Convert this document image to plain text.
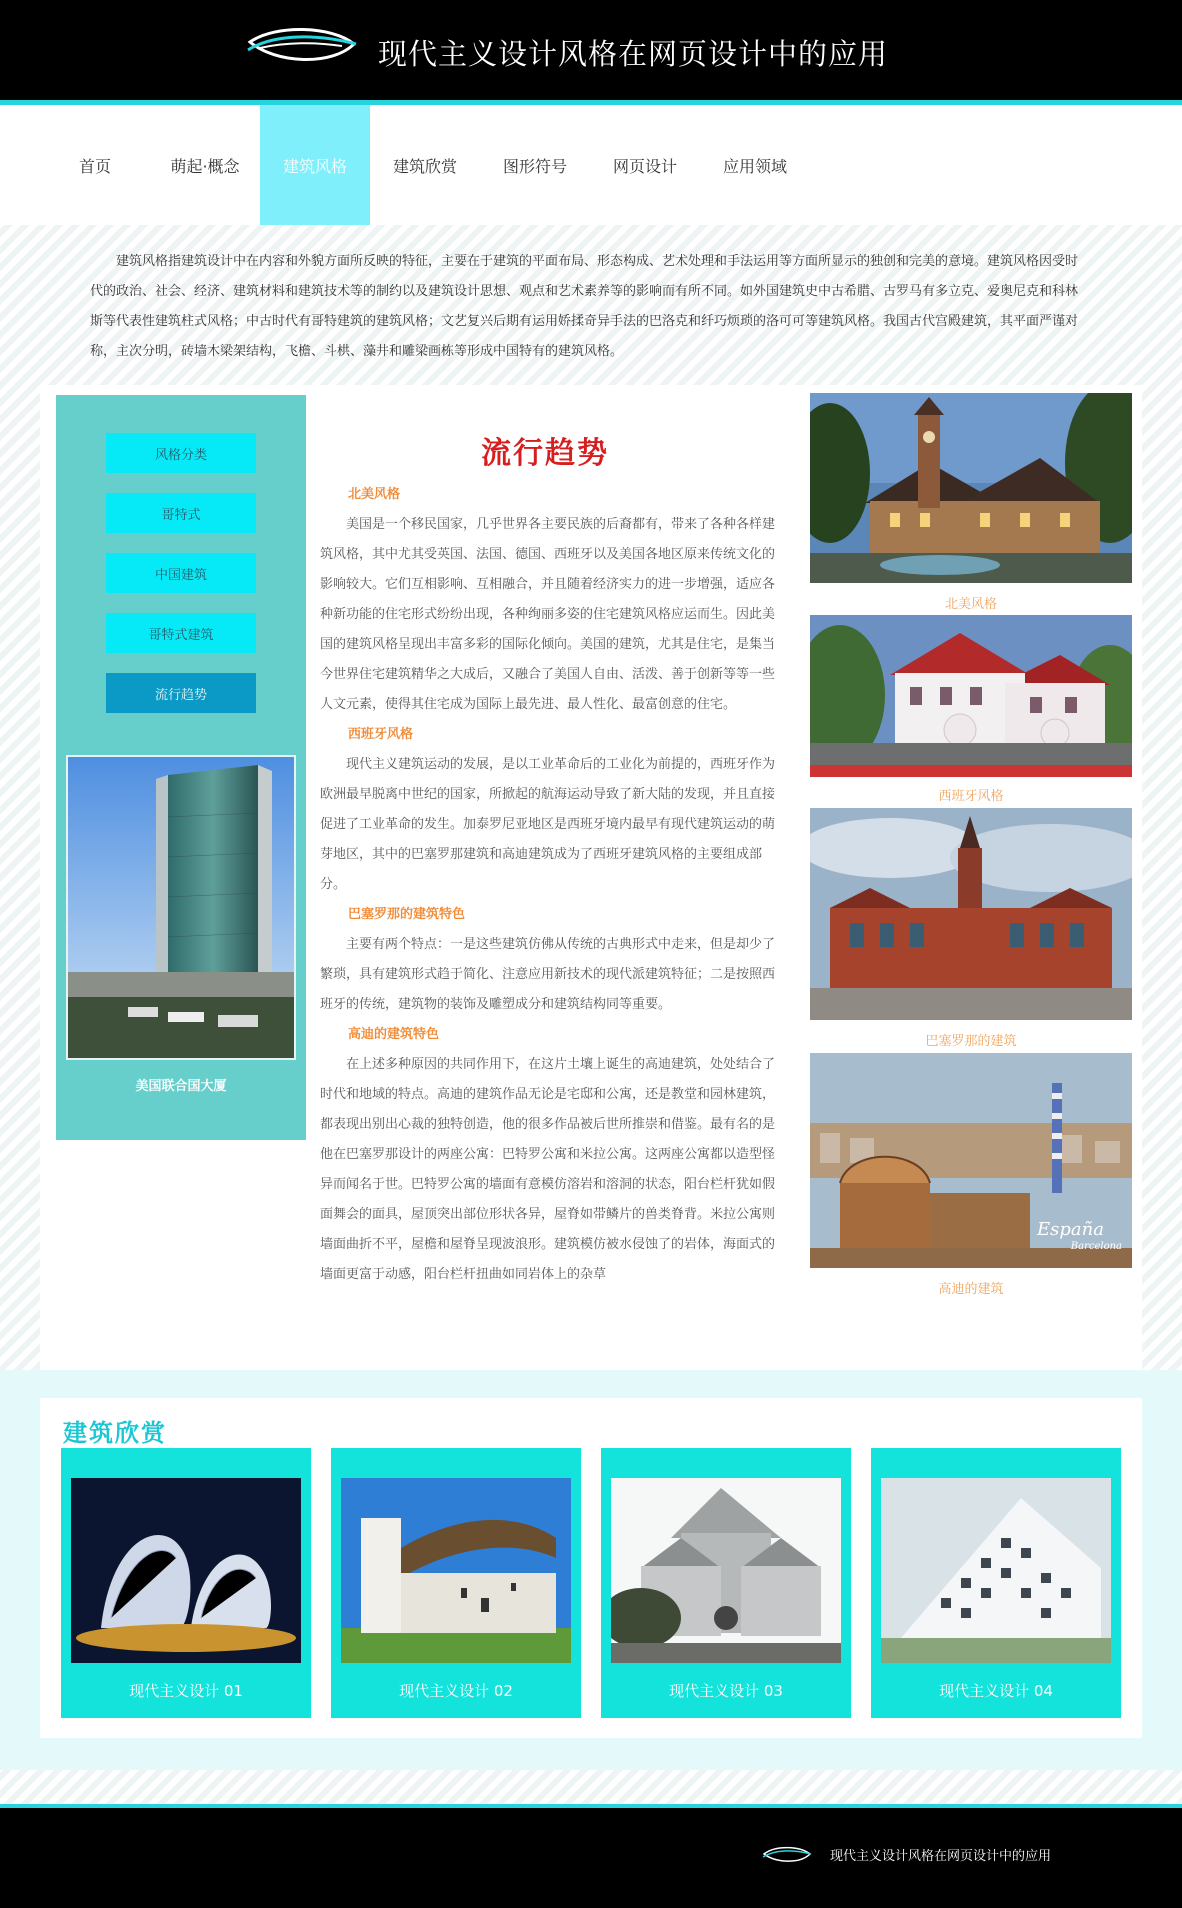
现代主义设计风格在网页设计中的应用
首页	萌起·概念	建筑风格	建筑欣赏	图形符号	网页设计	应用领域
建筑风格指建筑设计中在内容和外貌方面所反映的特征，主要在于建筑的平面布局、形态构成、艺术处理和手法运用等方面所显示的独创和完美的意境。建筑风格因受时代的政治、社会、经济、建筑材料和建筑技术等的制约以及建筑设计思想、观点和艺术素养等的影响而有所不同。如外国建筑史中古希腊、古罗马有多立克、爱奥尼克和科林斯等代表性建筑柱式风格；中古时代有哥特建筑的建筑风格；文艺复兴后期有运用娇揉奇异手法的巴洛克和纤巧烦琐的洛可可等建筑风格。我国古代宫殿建筑，其平面严谨对称，主次分明，砖墙木梁架结构，飞檐、斗栱、藻井和雕梁画栋等形成中国特有的建筑风格。
风格分类
哥特式
中国建筑
哥特式建筑
流行趋势
美国联合国大厦
流行趋势
北美风格

美国是一个移民国家，几乎世界各主要民族的后裔都有，带来了各种各样建筑风格，其中尤其受英国、法国、德国、西班牙以及美国各地区原来传统文化的影响较大。它们互相影响、互相融合，并且随着经济实力的进一步增强，适应各种新功能的住宅形式纷纷出现，各种绚丽多姿的住宅建筑风格应运而生。因此美国的建筑风格呈现出丰富多彩的国际化倾向。美国的建筑，尤其是住宅，是集当今世界住宅建筑精华之大成后，又融合了美国人自由、活泼、善于创新等等一些人文元素，使得其住宅成为国际上最先进、最人性化、最富创意的住宅。

西班牙风格

现代主义建筑运动的发展，是以工业革命后的工业化为前提的，西班牙作为欧洲最早脱离中世纪的国家，所掀起的航海运动导致了新大陆的发现，并且直接促进了工业革命的发生。加泰罗尼亚地区是西班牙境内最早有现代建筑运动的萌芽地区，其中的巴塞罗那建筑和高迪建筑成为了西班牙建筑风格的主要组成部分。

巴塞罗那的建筑特色

主要有两个特点：一是这些建筑仿佛从传统的古典形式中走来，但是却少了繁琐，具有建筑形式趋于简化、注意应用新技术的现代派建筑特征；二是按照西班牙的传统，建筑物的装饰及雕塑成分和建筑结构同等重要。

高迪的建筑特色

在上述多种原因的共同作用下，在这片土壤上诞生的高迪建筑，处处结合了时代和地域的特点。高迪的建筑作品无论是宅邸和公寓，还是教堂和园林建筑，都表现出别出心裁的独特创造，他的很多作品被后世所推崇和借鉴。最有名的是他在巴塞罗那设计的两座公寓：巴特罗公寓和米拉公寓。这两座公寓都以造型怪异而闻名于世。巴特罗公寓的墙面有意模仿溶岩和溶洞的状态，阳台栏杆犹如假面舞会的面具，屋顶突出部位形状各异，屋脊如带鳞片的兽类脊背。米拉公寓则墙面曲折不平，屋檐和屋脊呈现波浪形。建筑模仿被水侵蚀了的岩体，海面式的墙面更富于动感，阳台栏杆扭曲如同岩体上的杂草

北美风格
西班牙风格
巴塞罗那的建筑
España
Barcelona
高迪的建筑
建筑欣赏
现代主义设计 01	现代主义设计 02	现代主义设计 03	现代主义设计 04
现代主义设计风格在网页设计中的应用
